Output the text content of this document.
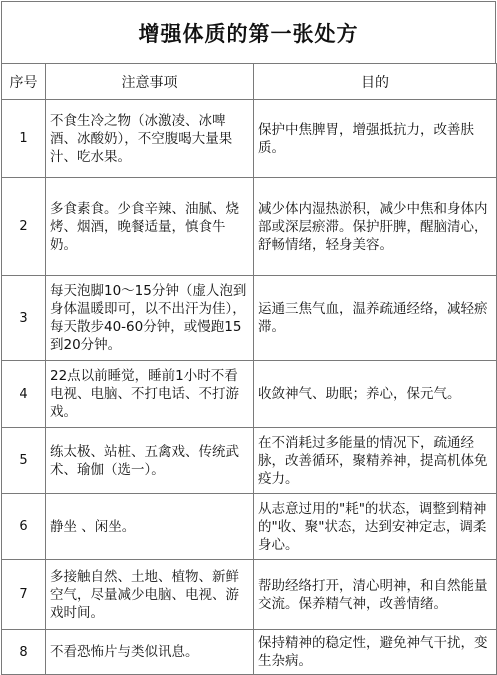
增强体质的第一张处方
序号	注意事项	目的
1	不食生冷之物（冰激凌、冰啤酒、冰酸奶），不空腹喝大量果汁、吃水果。	保护中焦脾胃，增强抵抗力，改善肤质。
2	多食素食。少食辛辣、油腻、烧烤、烟酒，晚餐适量，慎食牛奶。	减少体内湿热淤积，减少中焦和身体内部或深层瘀滞。保护肝脾，醒脑清心，舒畅情绪，轻身美容。
3	每天泡脚10～15分钟（虚人泡到身体温暖即可，以不出汗为佳），每天散步40-60分钟，或慢跑15到20分钟。	运通三焦气血，温养疏通经络，减轻瘀滞。
4	22点以前睡觉，睡前1小时不看电视、电脑、不打电话、不打游戏。	收敛神气、助眠；养心，保元气。
5	练太极、站桩、五禽戏、传统武术、瑜伽（选一）。	在不消耗过多能量的情况下，疏通经脉，改善循环，聚精养神，提高机体免疫力。
6	静坐 、闲坐。	从志意过用的"耗"的状态，调整到精神的"收、聚"状态，达到安神定志，调柔身心。
7	多接触自然、土地、植物、新鲜空气，尽量减少电脑、电视、游戏时间。	帮助经络打开，清心明神，和自然能量交流。保养精气神，改善情绪。
8	不看恐怖片与类似讯息。	保持精神的稳定性，避免神气干扰，变生杂病。
